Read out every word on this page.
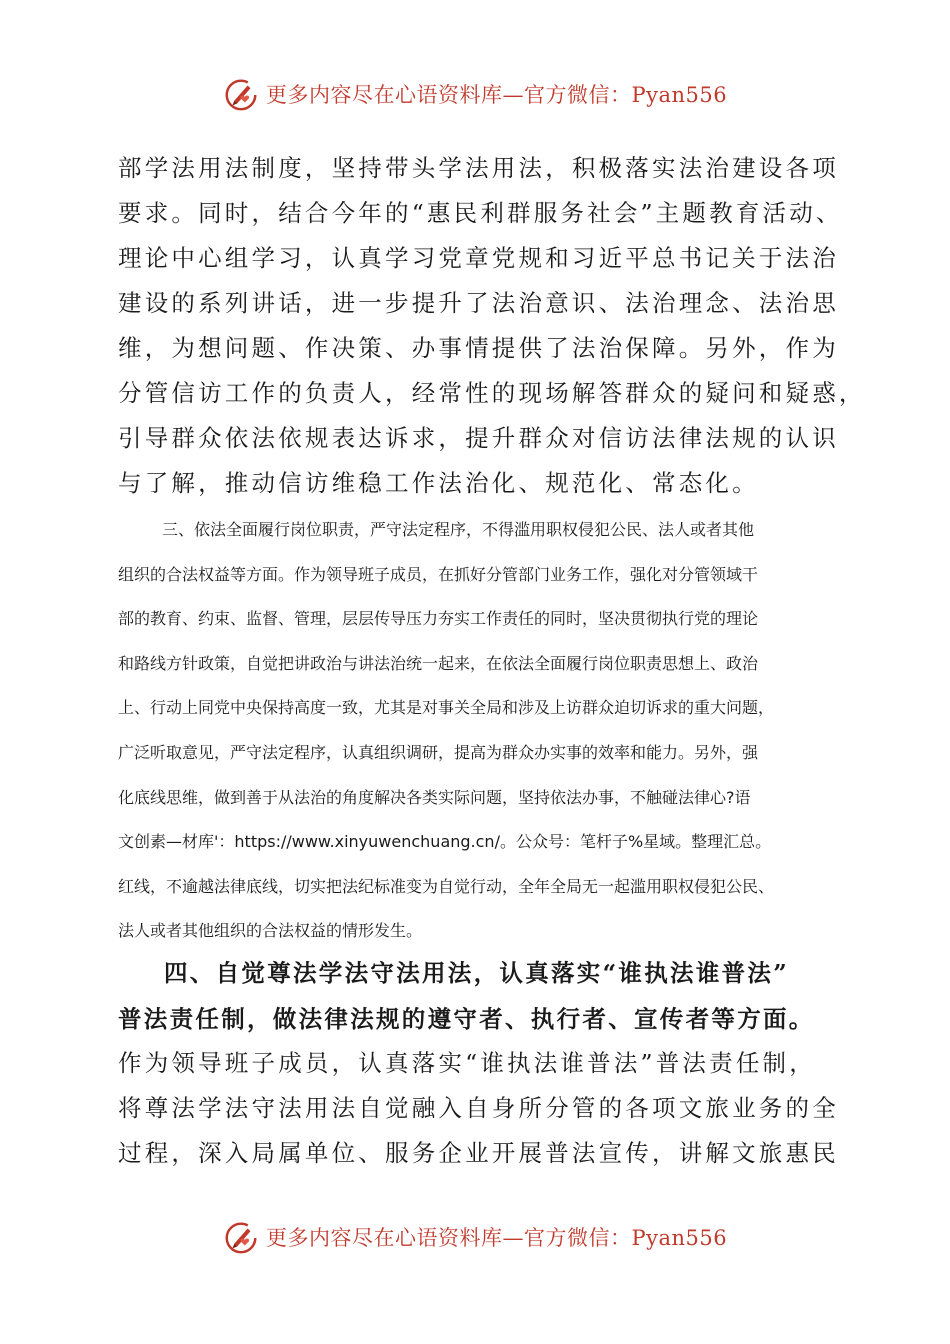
更多内容尽在心语资料库—官方微信：Pyan556
部学法用法制度，坚持带头学法用法，积极落实法治建设各项
要求。同时，结合今年的“惠民利群服务社会”主题教育活动、
理论中心组学习，认真学习党章党规和习近平总书记关于法治
建设的系列讲话，进一步提升了法治意识、法治理念、法治思
维，为想问题、作决策、办事情提供了法治保障。另外，作为
分管信访工作的负责人，经常性的现场解答群众的疑问和疑惑，
引导群众依法依规表达诉求，提升群众对信访法律法规的认识
与了解，推动信访维稳工作法治化、规范化、常态化。
三、依法全面履行岗位职责，严守法定程序，不得滥用职权侵犯公民、法人或者其他
组织的合法权益等方面。作为领导班子成员，在抓好分管部门业务工作，强化对分管领域干
部的教育、约束、监督、管理，层层传导压力夯实工作责任的同时，坚决贯彻执行党的理论
和路线方针政策，自觉把讲政治与讲法治统一起来，在依法全面履行岗位职责思想上、政治
上、行动上同党中央保持高度一致，尤其是对事关全局和涉及上访群众迫切诉求的重大问题，
广泛听取意见，严守法定程序，认真组织调研，提高为群众办实事的效率和能力。另外，强
化底线思维，做到善于从法治的角度解决各类实际问题，坚持依法办事，不触碰法律心?语
文创素—材库'：https://www.xinyuwenchuang.cn/。公众号：笔杆子%星域。整理汇总。
红线，不逾越法律底线，切实把法纪标准变为自觉行动，全年全局无一起滥用职权侵犯公民、
法人或者其他组织的合法权益的情形发生。
四、自觉尊法学法守法用法，认真落实“谁执法谁普法”
普法责任制，做法律法规的遵守者、执行者、宣传者等方面。
作为领导班子成员，认真落实“谁执法谁普法”普法责任制，
将尊法学法守法用法自觉融入自身所分管的各项文旅业务的全
过程，深入局属单位、服务企业开展普法宣传，讲解文旅惠民
更多内容尽在心语资料库—官方微信：Pyan556
